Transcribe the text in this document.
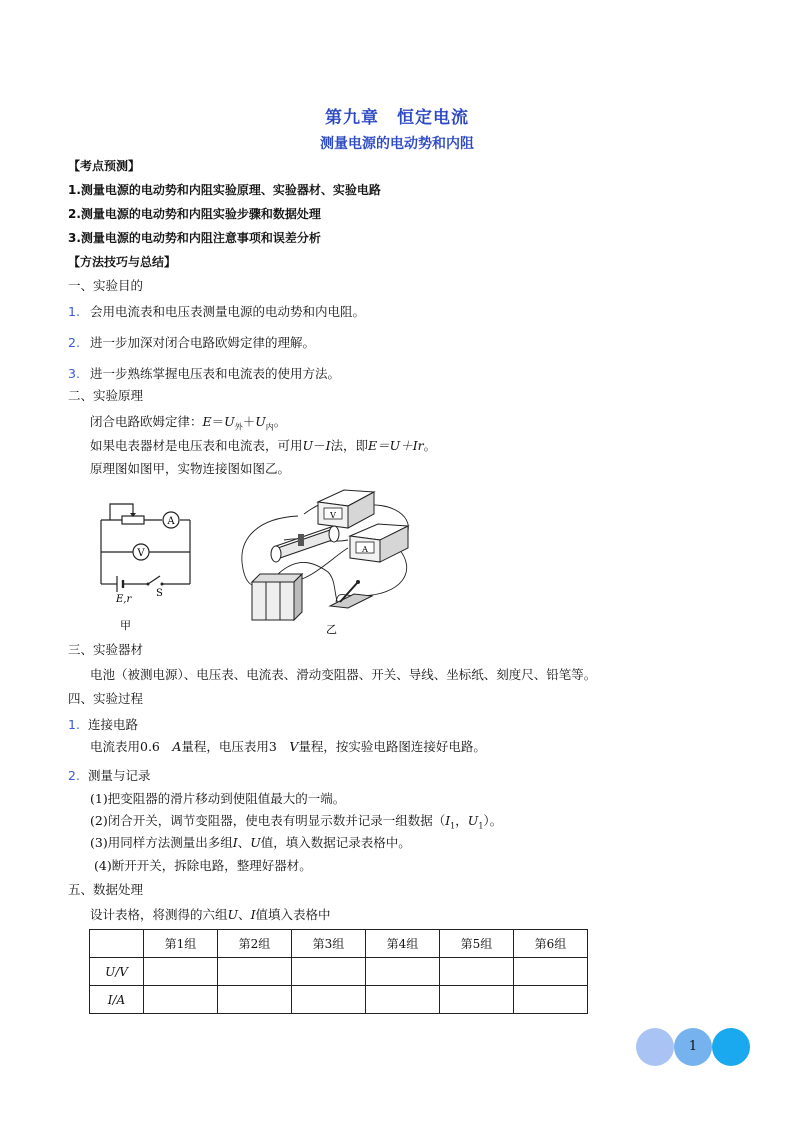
第九章　恒定电流
测量电源的电动势和内阻
【考点预测】
1.测量电源的电动势和内阻实验原理、实验器材、实验电路
2.测量电源的电动势和内阻实验步骤和数据处理
3.测量电源的电动势和内阻注意事项和误差分析
【方法技巧与总结】
一、实验目的
1. 会用电流表和电压表测量电源的电动势和内电阻。
2. 进一步加深对闭合电路欧姆定律的理解。
3. 进一步熟练掌握电压表和电流表的使用方法。
二、实验原理
闭合电路欧姆定律：$E=U_外+U_内$。
如果电表器材是电压表和电流表，可用U－I法，即E＝U＋Ir。
原理图如图甲，实物连接图如图乙。
A
V
E,r
S
甲
V
A
乙
三、实验器材
电池（被测电源）、电压表、电流表、滑动变阻器、开关、导线、坐标纸、刻度尺、铅笔等。
四、实验过程
1. 连接电路
电流表用0.6　A量程，电压表用3　V量程，按实验电路图连接好电路。
2. 测量与记录
(1)把变阻器的滑片移动到使阻值最大的一端。
(2)闭合开关，调节变阻器，使电表有明显示数并记录一组数据（$I_1$，$U_1$）。
(3)用同样方法测量出多组I、U值，填入数据记录表格中。
(4)断开开关，拆除电路，整理好器材。
五、数据处理
设计表格，将测得的六组U、I值填入表格中
	第1组	第2组	第3组	第4组	第5组	第6组
U/V						
I/A						
1
